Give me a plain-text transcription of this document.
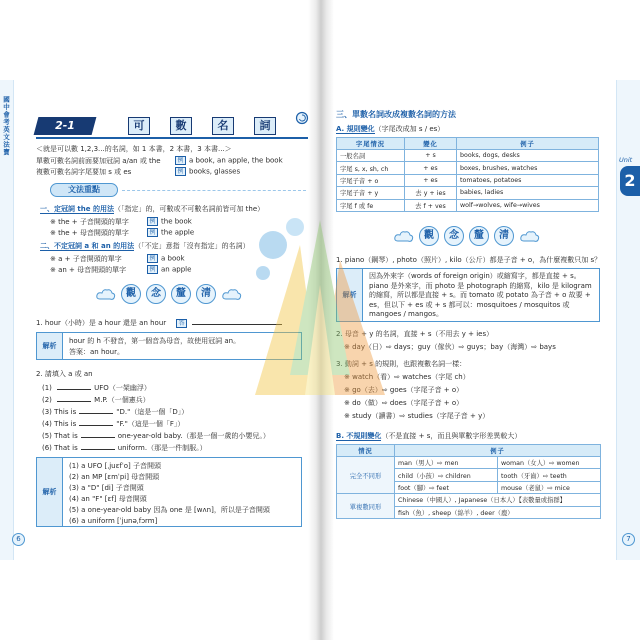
國中會考英文法寶	2-1	可	數	名	詞
＜就是可以數 1,2,3...的名詞，如 1 本書，2 本書，3 本書...＞
單數可數名詞前面要加冠詞 a/an 或 the	例 a book, an apple, the book
複數可數名詞字尾要加 s 或 es	例 books, glasses
文法重點
一、定冠詞 the 的用法（「指定」的，可數或不可數名詞前皆可加 the）
※ the + 子音開頭的單字	例 the book
※ the + 母音開頭的單字	例 the apple
二、不定冠詞 a 和 an 的用法（「不定」意指「沒有指定」的名詞）
※ a + 子音開頭的單字	例 a book
※ an + 母音開頭的單字	例 an apple
觀	念	釐	清
1. hour（小時）是 a hour 還是 an hour 答
解析
hour 的 h 不發音，第一個音為母音，故使用冠詞 an。
答案：an hour。
2. 請填入 a 或 an
(1)	UFO（一架幽浮）
(2)	M.P.（一個憲兵）
(3) This is	"D."（這是一個「D」）
(4) This is	"F."（這是一個「F」）
(5) That is	one-year-old baby.（那是一個一歲的小嬰兒。）
(6) That is	uniform.（那是一件制服。）
解析
(1) a UFO [ˌjuɛfˈo] 子音開頭
(2) an MP [ɛmˈpi] 母音開頭
(3) a "D" [di] 子音開頭
(4) an "F" [ɛf] 母音開頭
(5) a one-year-old baby 因為 one 是 [wʌn]，所以是子音開頭
(6) a uniform [ˈjunəˌfɔrm]
6
三、單數名詞改成複數名詞的方法
A. 規則變化（字尾改成加 s / es）
字尾情況	變化	例子
一般名詞	+ s	books, dogs, desks
字尾 s, x, sh, ch	+ es	boxes, brushes, watches
字尾子音 + o	+ es	tomatoes, potatoes
字尾子音 + y	去 y + ies	babies, ladies
字尾 f 或 fe	去 f + ves	wolf→wolves, wife→wives
Unit
2
觀	念	釐	清
1. piano（鋼琴）, photo（照片）, kilo（公斤）都是子音 + o，為什麼複數只加 s？
解析
因為外來字（words of foreign origin）或縮寫字，都是直接 + s。piano 是外來字，而 photo 是 photograph 的縮寫，kilo 是 kilogram 的縮寫，所以都是直接 + s。而 tomato 或 potato 為子音 + o 故要 + es，但以下 + es 或 + s 都可以：mosquitoes / mosquitos 或 mangoes / mangos。
2. 母音 + y 的名詞，直接 + s（不用去 y + ies）
※ day（日）⇨ days；guy（傢伙）⇨ guys；bay（海灣）⇨ bays
3. 動詞 + s 的規則，也跟複數名詞一樣：
※ watch（看）⇨ watches（字尾 ch）
※ go（去）⇨ goes（字尾子音 + o）
※ do（做）⇨ does（字尾子音 + o）
※ study（讀書）⇨ studies（字尾子音 + y）
B. 不規則變化（不是直接 + s，而且與單數字形差異較大）
情況	例子	
完全不同形	man（男人）⇨ men	woman（女人）⇨ women
	child（小孩）⇨ children	tooth（牙齒）⇨ teeth
	foot（腳）⇨ feet	mouse（老鼠）⇨ mice
單複數同形	Chinese（中國人）, Japanese（日本人）【表數量或指群】	
	fish（魚）, sheep（綿羊）, deer（鹿）	
7
